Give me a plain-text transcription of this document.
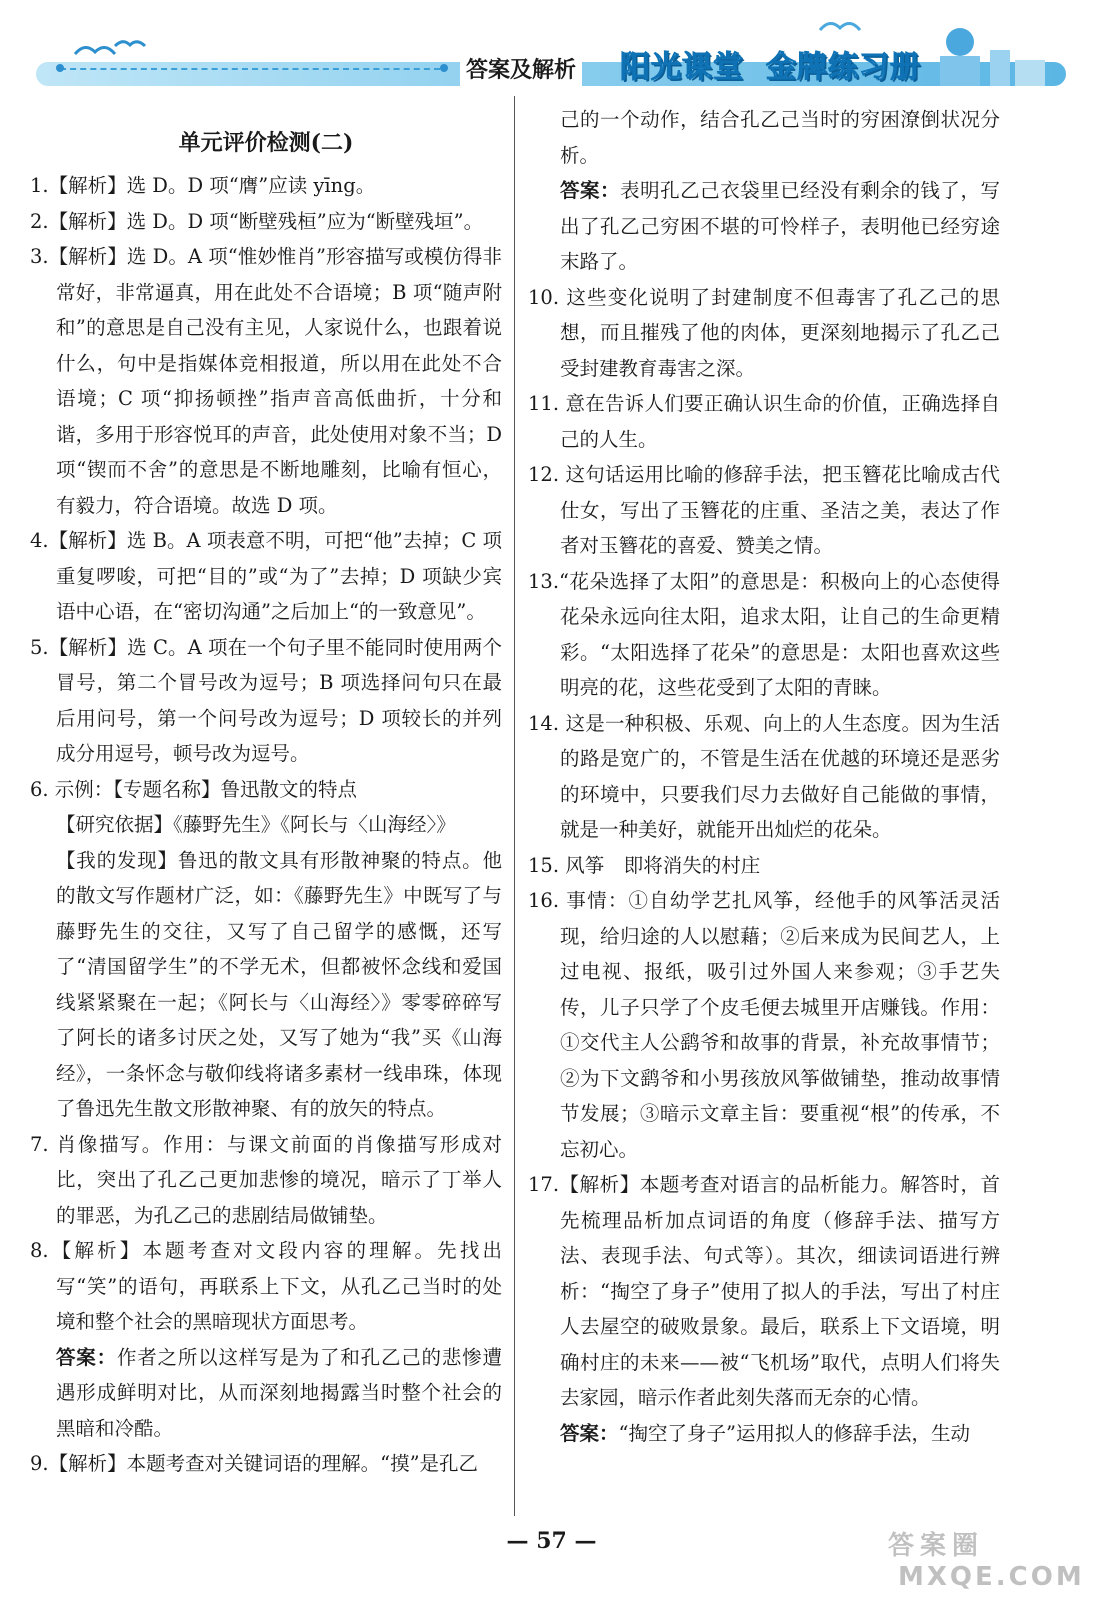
答案及解析 阳光课堂 金牌练习册
单元评价检测(二)

1.【解析】选 D。D 项“膺”应读 yīng。

2.【解析】选 D。D 项“断壁残桓”应为“断壁残垣”。

3.【解析】选 D。A 项“惟妙惟肖”形容描写或模仿得非常好，非常逼真，用在此处不合语境；B 项“随声附和”的意思是自己没有主见，人家说什么，也跟着说什么，句中是指媒体竞相报道，所以用在此处不合语境；C 项“抑扬顿挫”指声音高低曲折，十分和谐，多用于形容悦耳的声音，此处使用对象不当；D 项“锲而不舍”的意思是不断地雕刻，比喻有恒心，有毅力，符合语境。故选 D 项。

4.【解析】选 B。A 项表意不明，可把“他”去掉；C 项重复啰唆，可把“目的”或“为了”去掉；D 项缺少宾语中心语，在“密切沟通”之后加上“的一致意见”。

5.【解析】选 C。A 项在一个句子里不能同时使用两个冒号，第二个冒号改为逗号；B 项选择问句只在最后用问号，第一个问号改为逗号；D 项较长的并列成分用逗号，顿号改为逗号。

6. 示例：【专题名称】鲁迅散文的特点

【研究依据】《藤野先生》《阿长与〈山海经〉》

【我的发现】鲁迅的散文具有形散神聚的特点。他的散文写作题材广泛，如：《藤野先生》中既写了与藤野先生的交往，又写了自己留学的感慨，还写了“清国留学生”的不学无术，但都被怀念线和爱国线紧紧聚在一起；《阿长与〈山海经〉》零零碎碎写了阿长的诸多讨厌之处，又写了她为“我”买《山海经》，一条怀念与敬仰线将诸多素材一线串珠，体现了鲁迅先生散文形散神聚、有的放矢的特点。

7. 肖像描写。作用：与课文前面的肖像描写形成对比，突出了孔乙己更加悲惨的境况，暗示了丁举人的罪恶，为孔乙己的悲剧结局做铺垫。

8.【解析】本题考查对文段内容的理解。先找出写“笑”的语句，再联系上下文，从孔乙己当时的处境和整个社会的黑暗现状方面思考。

答案：作者之所以这样写是为了和孔乙己的悲惨遭遇形成鲜明对比，从而深刻地揭露当时整个社会的黑暗和冷酷。

9.【解析】本题考查对关键词语的理解。“摸”是孔乙

己的一个动作，结合孔乙己当时的穷困潦倒状况分析。

答案：表明孔乙己衣袋里已经没有剩余的钱了，写出了孔乙己穷困不堪的可怜样子，表明他已经穷途末路了。

10. 这些变化说明了封建制度不但毒害了孔乙己的思想，而且摧残了他的肉体，更深刻地揭示了孔乙己受封建教育毒害之深。

11. 意在告诉人们要正确认识生命的价值，正确选择自己的人生。

12. 这句话运用比喻的修辞手法，把玉簪花比喻成古代仕女，写出了玉簪花的庄重、圣洁之美，表达了作者对玉簪花的喜爱、赞美之情。

13.“花朵选择了太阳”的意思是：积极向上的心态使得花朵永远向往太阳，追求太阳，让自己的生命更精彩。“太阳选择了花朵”的意思是：太阳也喜欢这些明亮的花，这些花受到了太阳的青睐。

14. 这是一种积极、乐观、向上的人生态度。因为生活的路是宽广的，不管是生活在优越的环境还是恶劣的环境中，只要我们尽力去做好自己能做的事情，就是一种美好，就能开出灿烂的花朵。

15. 风筝　即将消失的村庄

16. 事情：①自幼学艺扎风筝，经他手的风筝活灵活现，给归途的人以慰藉；②后来成为民间艺人，上过电视、报纸，吸引过外国人来参观；③手艺失传，儿子只学了个皮毛便去城里开店赚钱。作用：①交代主人公鹞爷和故事的背景，补充故事情节；②为下文鹞爷和小男孩放风筝做铺垫，推动故事情节发展；③暗示文章主旨：要重视“根”的传承，不忘初心。

17.【解析】本题考查对语言的品析能力。解答时，首先梳理品析加点词语的角度（修辞手法、描写方法、表现手法、句式等）。其次，细读词语进行辨析：“掏空了身子”使用了拟人的手法，写出了村庄人去屋空的破败景象。最后，联系上下文语境，明确村庄的未来——被“飞机场”取代，点明人们将失去家园，暗示作者此刻失落而无奈的心情。

答案：“掏空了身子”运用拟人的修辞手法，生动

— 57 —	答案圈
MXQE.COM
